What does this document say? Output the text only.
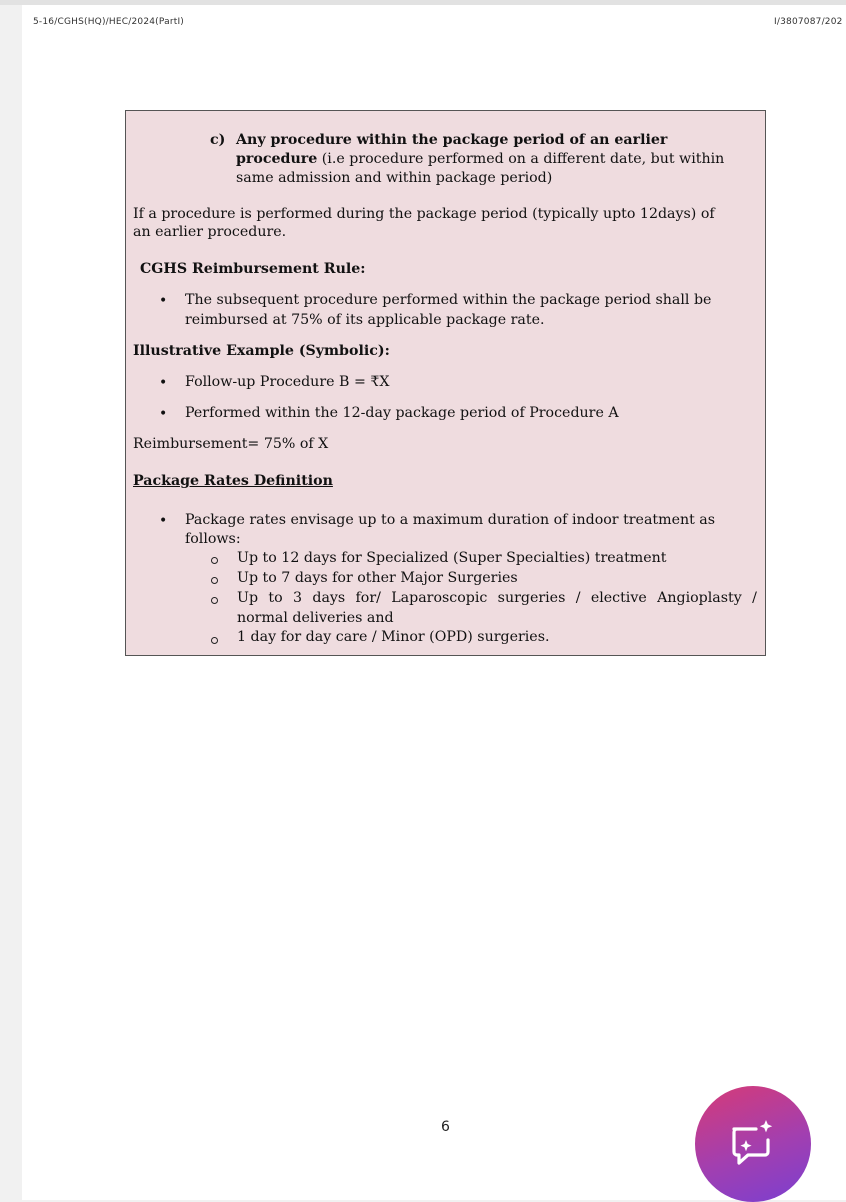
5-16/CGHS(HQ)/HEC/2024(PartI)	I/3807087/202
c) Any procedure within the package period of an earlier
procedure (i.e procedure performed on a different date, but within
same admission and within package period)
If a procedure is performed during the package period (typically upto 12days) of
an earlier procedure.
CGHS Reimbursement Rule:
• The subsequent procedure performed within the package period shall be
reimbursed at 75% of its applicable package rate.
Illustrative Example (Symbolic):
• Follow-up Procedure B = ₹X
• Performed within the 12-day package period of Procedure A
Reimbursement= 75% of X
Package Rates Definition
• Package rates envisage up to a maximum duration of indoor treatment as
follows:
Up to 12 days for Specialized (Super Specialties) treatment
Up to 7 days for other Major Surgeries
Up to 3 days for/ Laparoscopic surgeries / elective Angioplasty /
normal deliveries and
1 day for day care / Minor (OPD) surgeries.
6
